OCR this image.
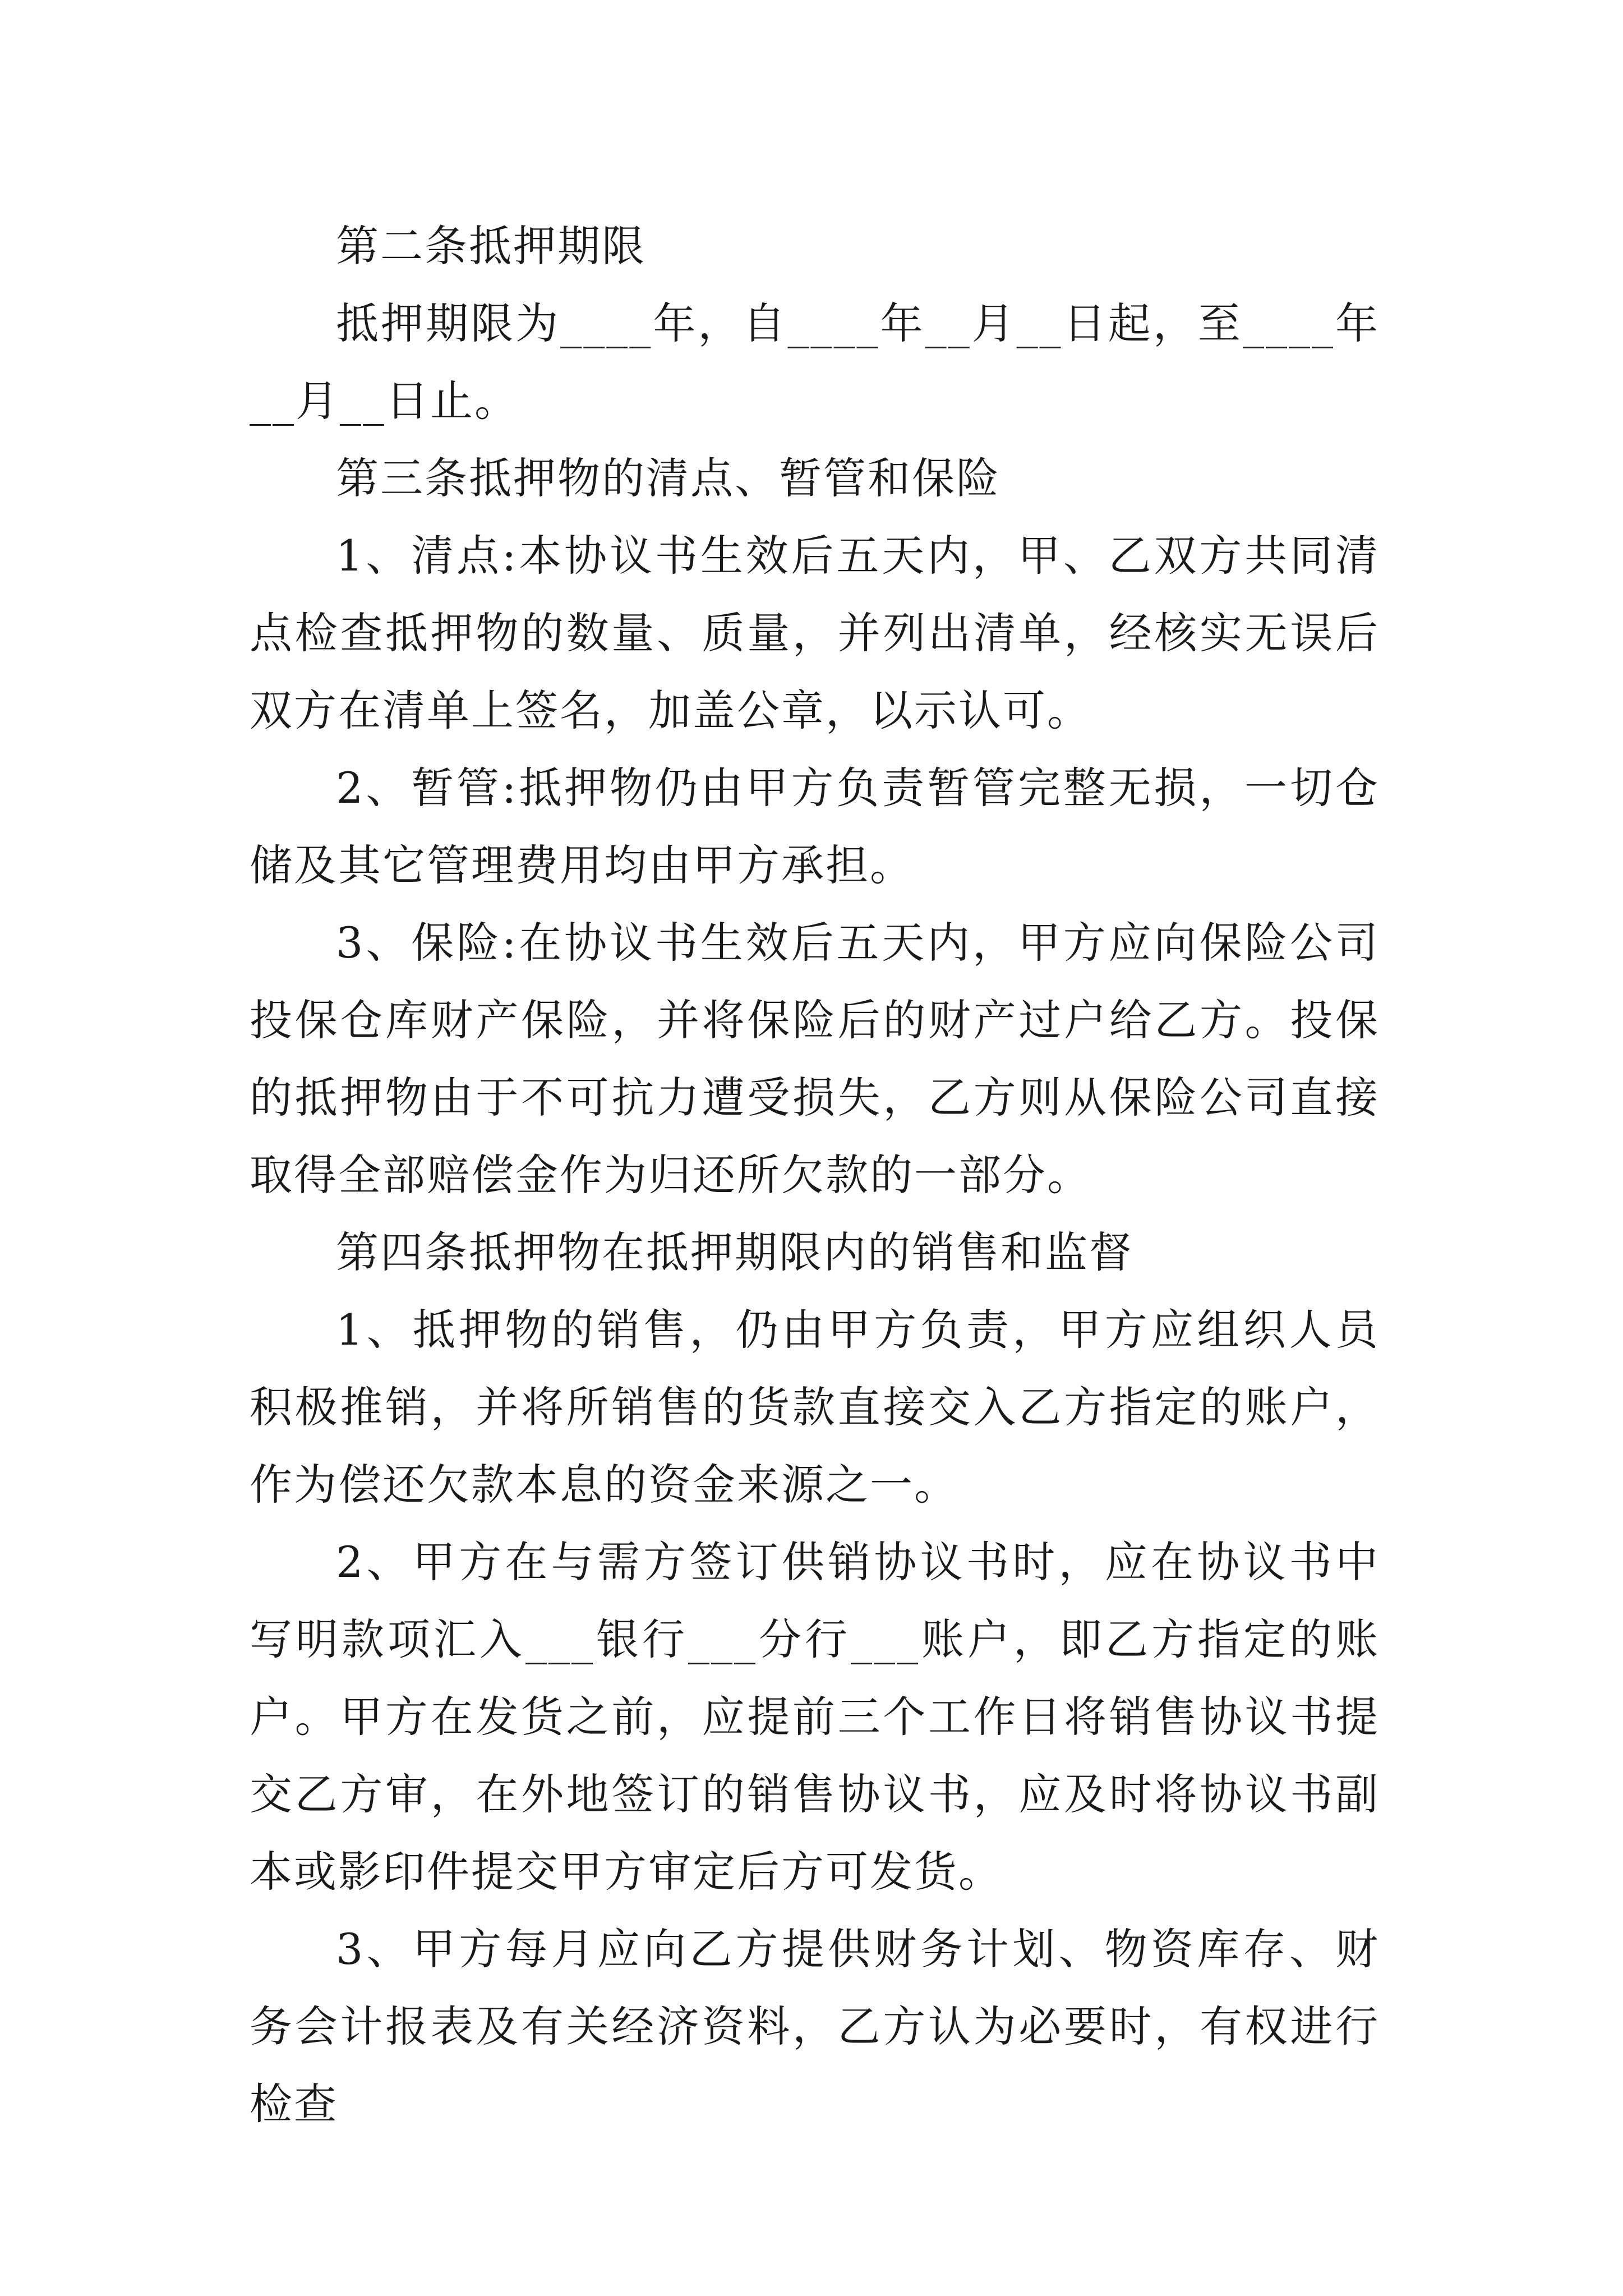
第二条抵押期限

抵押期限为____年，自____年__月__日起，至____年__月__日止。

第三条抵押物的清点、暂管和保险

1、清点:本协议书生效后五天内，甲、乙双方共同清点检查抵押物的数量、质量，并列出清单，经核实无误后双方在清单上签名，加盖公章，以示认可。

2、暂管:抵押物仍由甲方负责暂管完整无损，一切仓储及其它管理费用均由甲方承担。

3、保险:在协议书生效后五天内，甲方应向保险公司投保仓库财产保险，并将保险后的财产过户给乙方。投保的抵押物由于不可抗力遭受损失，乙方则从保险公司直接取得全部赔偿金作为归还所欠款的一部分。

第四条抵押物在抵押期限内的销售和监督

1、抵押物的销售，仍由甲方负责，甲方应组织人员积极推销，并将所销售的货款直接交入乙方指定的账户，作为偿还欠款本息的资金来源之一。

2、甲方在与需方签订供销协议书时，应在协议书中写明款项汇入___银行___分行___账户，即乙方指定的账户。甲方在发货之前，应提前三个工作日将销售协议书提交乙方审，在外地签订的销售协议书，应及时将协议书副本或影印件提交甲方审定后方可发货。

3、甲方每月应向乙方提供财务计划、物资库存、财务会计报表及有关经济资料，乙方认为必要时，有权进行检查
